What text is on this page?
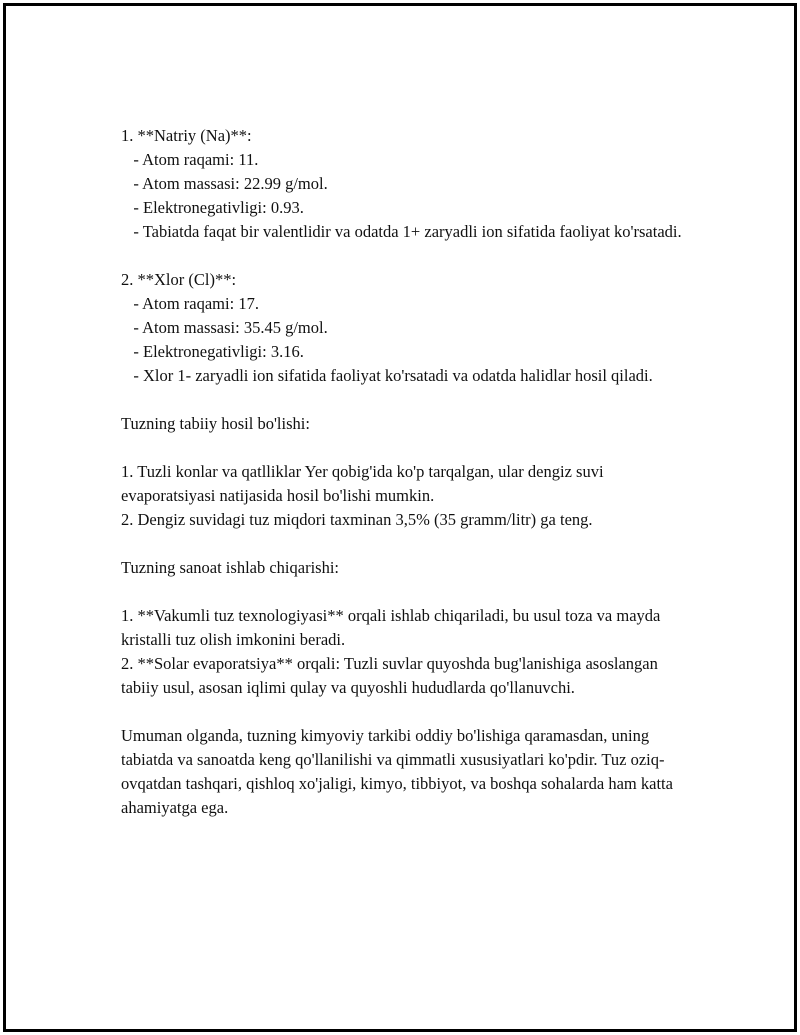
1. **Natriy (Na)**:

- Atom raqami: 11.

- Atom massasi: 22.99 g/mol.

- Elektronegativligi: 0.93.

- Tabiatda faqat bir valentlidir va odatda 1+ zaryadli ion sifatida faoliyat ko'rsatadi.

2. **Xlor (Cl)**:

- Atom raqami: 17.

- Atom massasi: 35.45 g/mol.

- Elektronegativligi: 3.16.

- Xlor 1- zaryadli ion sifatida faoliyat ko'rsatadi va odatda halidlar hosil qiladi.

Tuzning tabiiy hosil bo'lishi:

1. Tuzli konlar va qatlliklar Yer qobig'ida ko'p tarqalgan, ular dengiz suvi evaporatsiyasi natijasida hosil bo'lishi mumkin.

2. Dengiz suvidagi tuz miqdori taxminan 3,5% (35 gramm/litr) ga teng.

Tuzning sanoat ishlab chiqarishi:

1. **Vakumli tuz texnologiyasi** orqali ishlab chiqariladi, bu usul toza va mayda kristalli tuz olish imkonini beradi.

2. **Solar evaporatsiya** orqali: Tuzli suvlar quyoshda bug'lanishiga asoslangan tabiiy usul, asosan iqlimi qulay va quyoshli hududlarda qo'llanuvchi.

Umuman olganda, tuzning kimyoviy tarkibi oddiy bo'lishiga qaramasdan, uning tabiatda va sanoatda keng qo'llanilishi va qimmatli xususiyatlari ko'pdir. Tuz oziq-ovqatdan tashqari, qishloq xo'jaligi, kimyo, tibbiyot, va boshqa sohalarda ham katta ahamiyatga ega.
